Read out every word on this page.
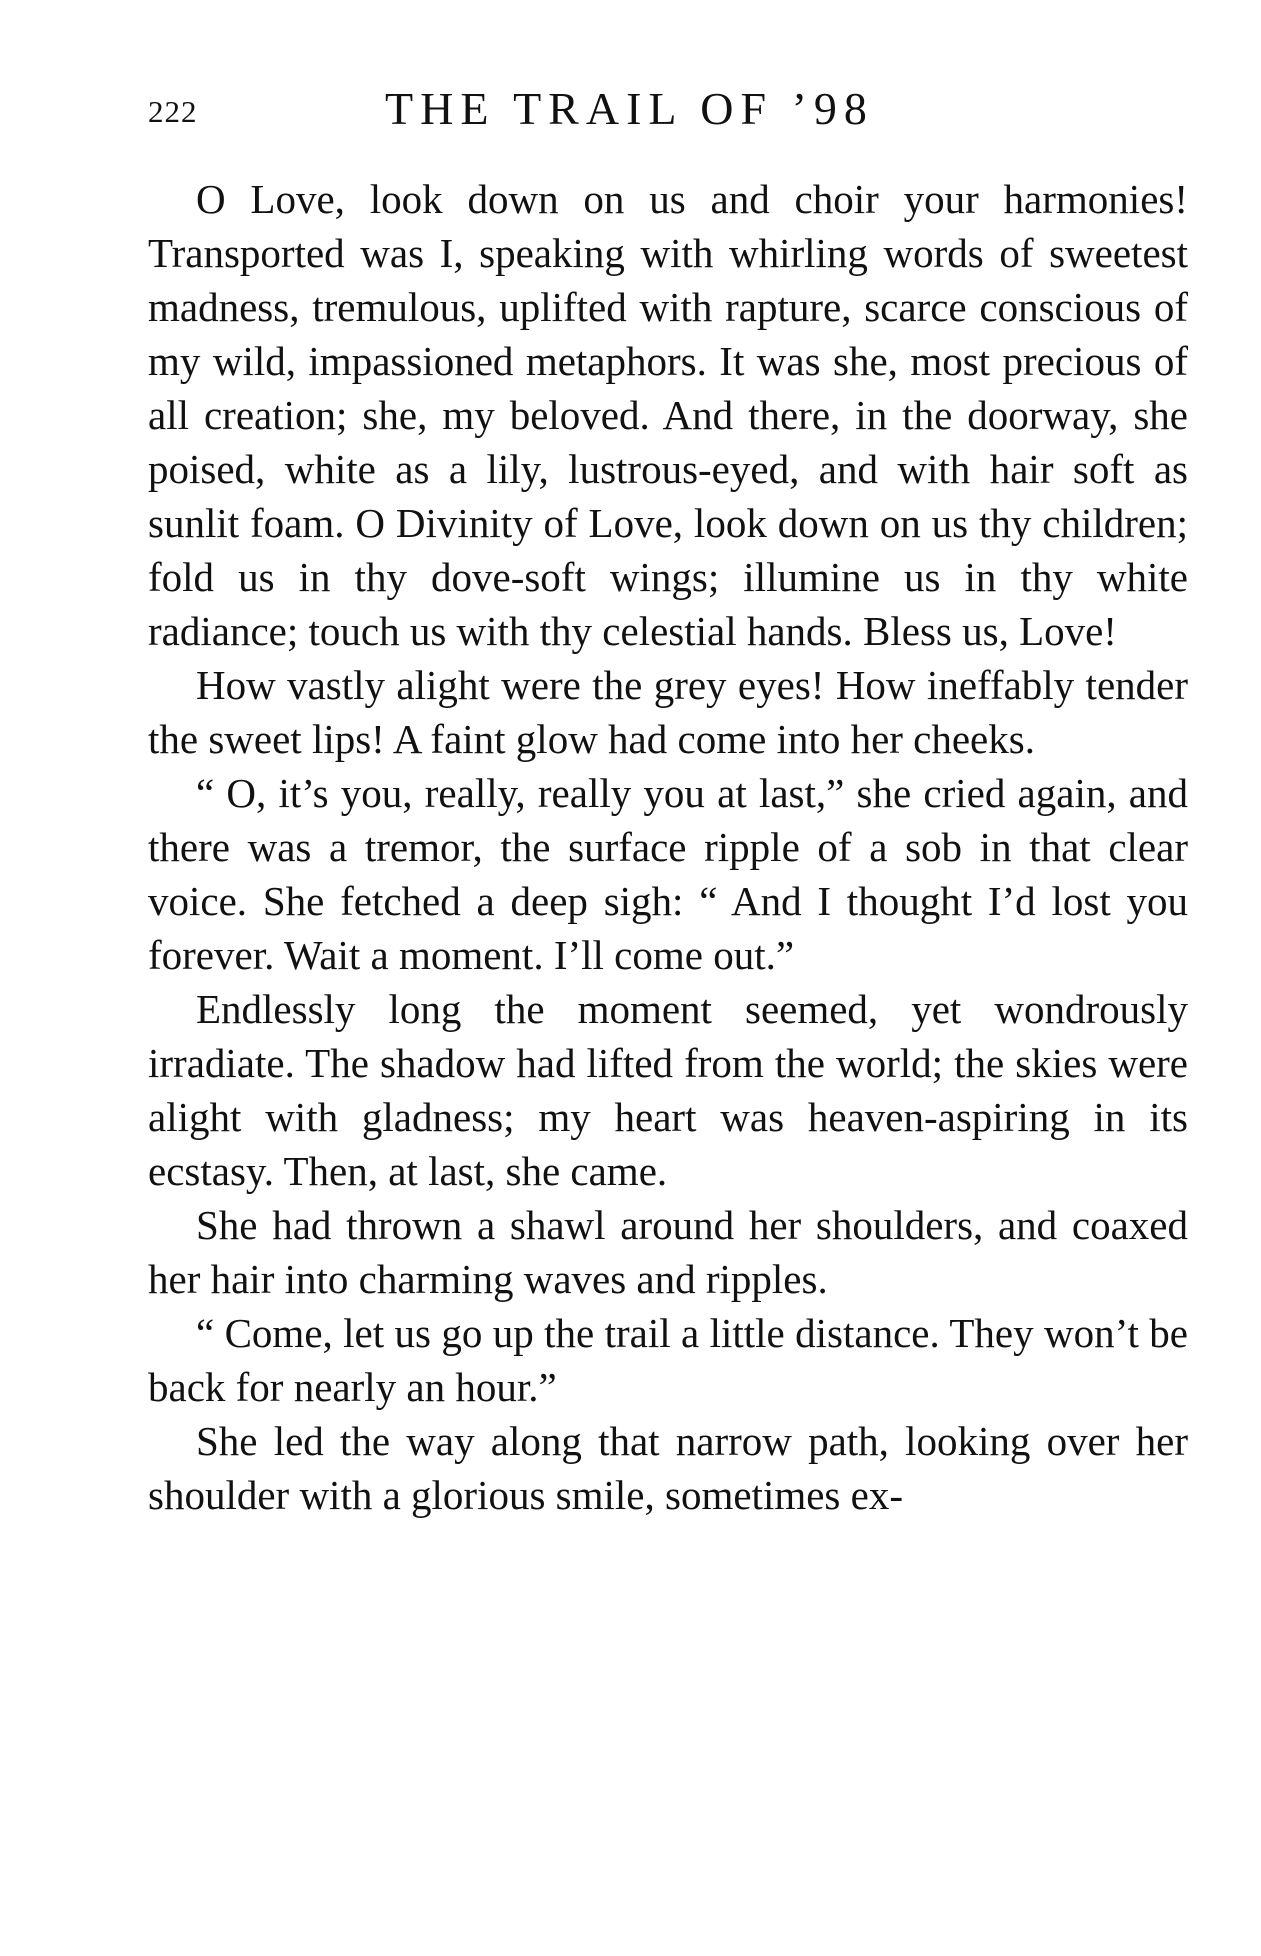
222	THE TRAIL OF ’98

O Love, look down on us and choir your harmonies! Transported was I, speaking with whirling words of sweetest madness, tremulous, uplifted with rapture, scarce conscious of my wild, impassioned metaphors. It was she, most precious of all creation; she, my beloved. And there, in the doorway, she poised, white as a lily, lustrous-eyed, and with hair soft as sunlit foam. O Divinity of Love, look down on us thy children; fold us in thy dove-soft wings; illumine us in thy white radiance; touch us with thy celestial hands. Bless us, Love!

How vastly alight were the grey eyes! How ineffably tender the sweet lips! A faint glow had come into her cheeks.

“ O, it’s you, really, really you at last,” she cried again, and there was a tremor, the surface ripple of a sob in that clear voice. She fetched a deep sigh: “ And I thought I’d lost you forever. Wait a moment. I’ll come out.”

Endlessly long the moment seemed, yet wondrously irradiate. The shadow had lifted from the world; the skies were alight with gladness; my heart was heaven-aspiring in its ecstasy. Then, at last, she came.

She had thrown a shawl around her shoulders, and coaxed her hair into charming waves and ripples.

“ Come, let us go up the trail a little distance. They won’t be back for nearly an hour.”

She led the way along that narrow path, looking over her shoulder with a glorious smile, sometimes ex-
